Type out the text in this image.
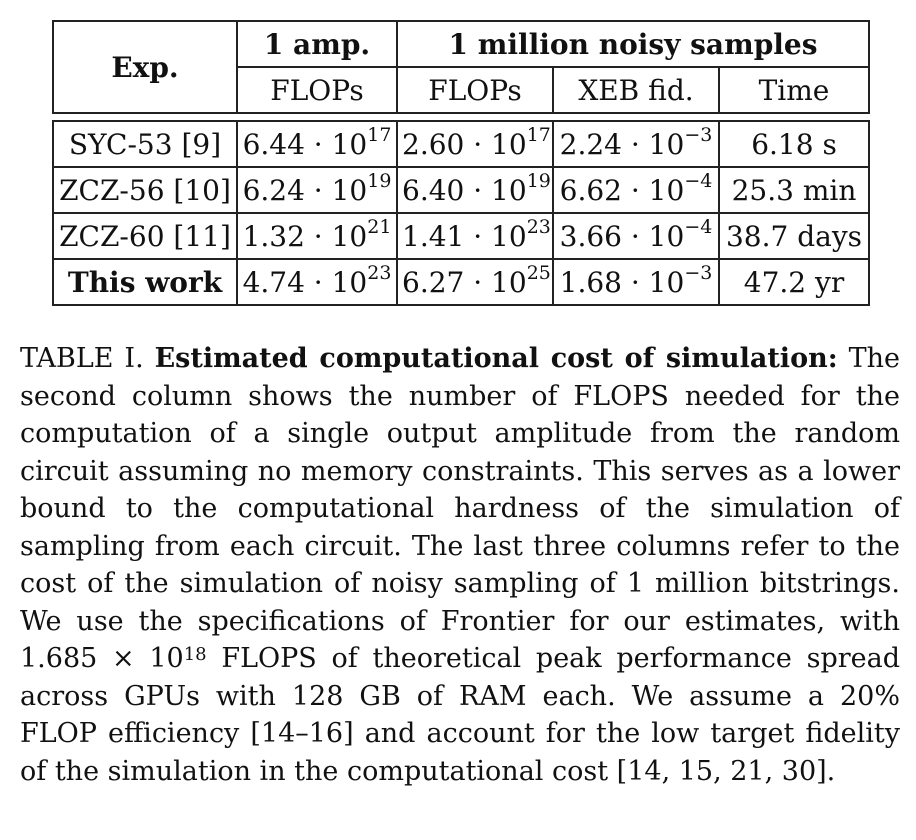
Exp.	1 amp.	1 million noisy samples		
	FLOPs	FLOPs	XEB fid.	Time

SYC-53 [9]	$6.44 \cdot 10^{17}$	$2.60 \cdot 10^{17}$	$2.24 \cdot 10^{-3}$	6.18 s
ZCZ-56 [10]	$6.24 \cdot 10^{19}$	$6.40 \cdot 10^{19}$	$6.62 \cdot 10^{-4}$	25.3 min
ZCZ-60 [11]	$1.32 \cdot 10^{21}$	$1.41 \cdot 10^{23}$	$3.66 \cdot 10^{-4}$	38.7 days
This work	$4.74 \cdot 10^{23}$	$6.27 \cdot 10^{25}$	$1.68 \cdot 10^{-3}$	47.2 yr
TABLE I. Estimated computational cost of simulation: The second column shows the number of FLOPS needed for the computation of a single output amplitude from the random circuit assuming no memory constraints. This serves as a lower bound to the computational hardness of the simulation of sampling from each circuit. The last three columns refer to the cost of the simulation of noisy sampling of 1 million bitstrings. We use the specifications of Frontier for our estimates, with $1.685 \times 10^{18}$ FLOPS of theoretical peak performance spread across GPUs with 128 GB of RAM each. We assume a 20% FLOP efficiency [14–16] and account for the low target fidelity of the simulation in the computational cost [14, 15, 21, 30].
